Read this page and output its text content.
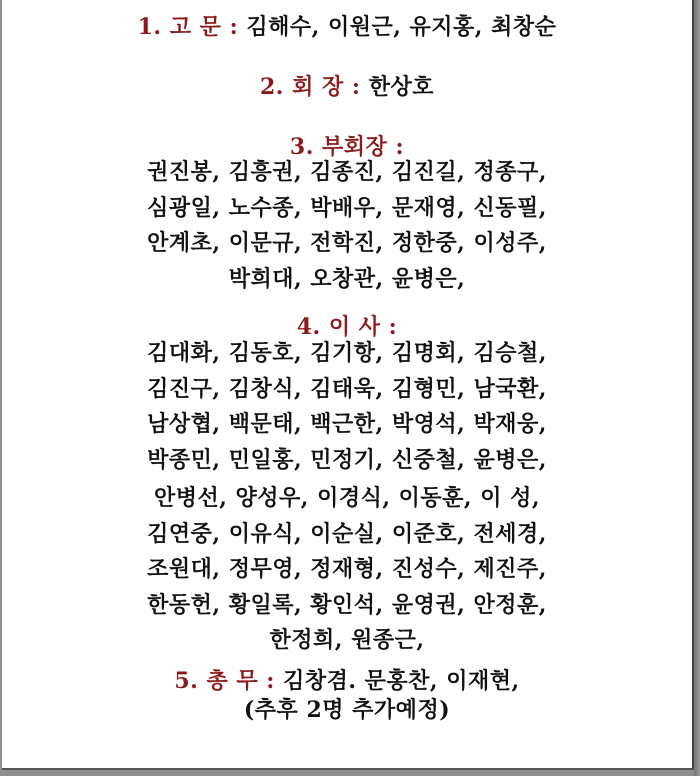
1. 고 문 : 김해수, 이원근, 유지홍, 최창순
2. 회 장 : 한상호
3. 부회장 :
권진봉, 김흥권, 김종진, 김진길, 정종구,
심광일, 노수종, 박배우, 문재영, 신동필,
안계초, 이문규, 전학진, 정한중, 이성주,
박희대, 오창관, 윤병은,
4. 이 사 :
김대화, 김동호, 김기항, 김명회, 김승철,
김진구, 김창식, 김태욱, 김형민, 남국환,
남상협, 백문태, 백근한, 박영석, 박재웅,
박종민, 민일홍, 민정기, 신중철, 윤병은,
안병선, 양성우, 이경식, 이동훈, 이 성,
김연중, 이유식, 이순실, 이준호, 전세경,
조원대, 정무영, 정재형, 진성수, 제진주,
한동헌, 황일록, 황인석, 윤영권, 안정훈,
한정희, 원종근,
5. 총 무 : 김창겸. 문홍찬, 이재현,
(추후 2명 추가예정)
